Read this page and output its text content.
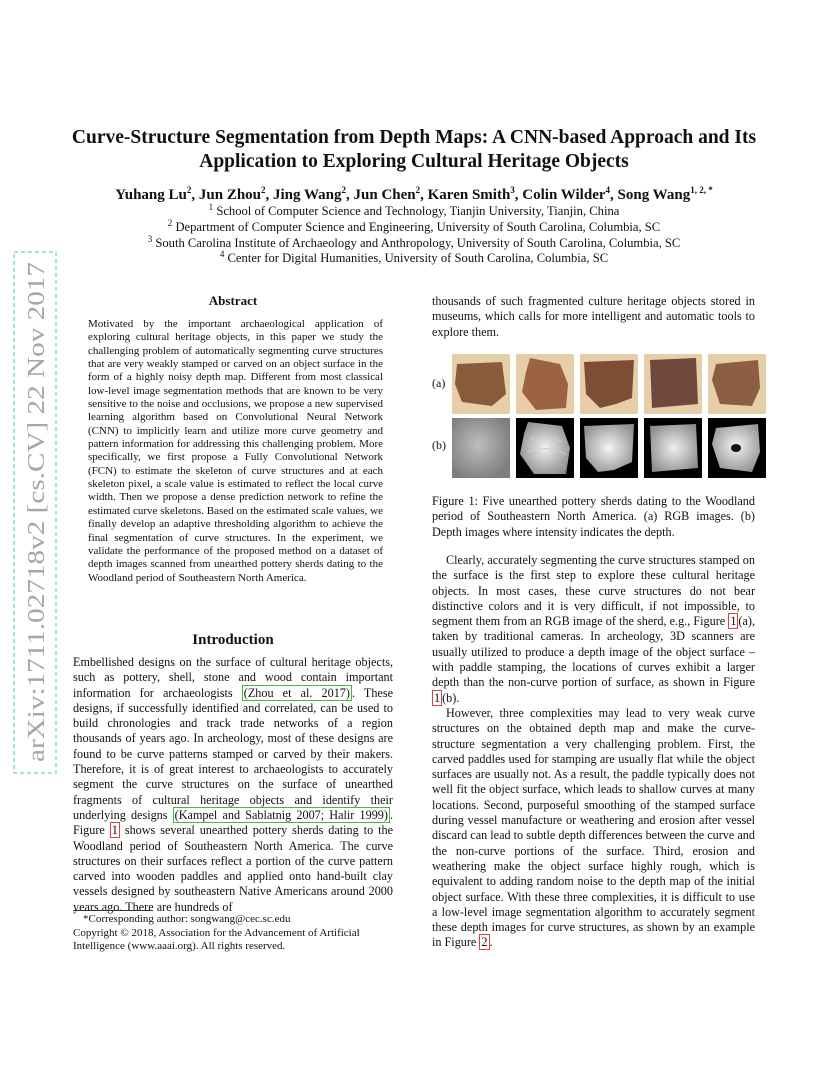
arXiv:1711.02718v2 [cs.CV] 22 Nov 2017
Curve-Structure Segmentation from Depth Maps: A CNN-based Approach and Its
Application to Exploring Cultural Heritage Objects
Yuhang Lu$^2$, Jun Zhou$^2$, Jing Wang$^2$, Jun Chen$^2$, Karen Smith$^3$, Colin Wilder$^4$, Song Wang$^{1, 2, *}$
$^1$ School of Computer Science and Technology, Tianjin University, Tianjin, China
$^2$ Department of Computer Science and Engineering, University of South Carolina, Columbia, SC
$^3$ South Carolina Institute of Archaeology and Anthropology, University of South Carolina, Columbia, SC
$^4$ Center for Digital Humanities, University of South Carolina, Columbia, SC
Abstract
Motivated by the important archaeological application of exploring cultural heritage objects, in this paper we study the challenging problem of automatically segmenting curve structures that are very weakly stamped or carved on an object surface in the form of a highly noisy depth map. Different from most classical low-level image segmentation methods that are known to be very sensitive to the noise and occlusions, we propose a new supervised learning algorithm based on Convolutional Neural Network (CNN) to implicitly learn and utilize more curve geometry and pattern information for addressing this challenging problem. More specifically, we first propose a Fully Convolutional Network (FCN) to estimate the skeleton of curve structures and at each skeleton pixel, a scale value is estimated to reflect the local curve width. Then we propose a dense prediction network to refine the estimated curve skeletons. Based on the estimated scale values, we finally develop an adaptive thresholding algorithm to achieve the final segmentation of curve structures. In the experiment, we validate the performance of the proposed method on a dataset of depth images scanned from unearthed pottery sherds dating to the Woodland period of Southeastern North America.
Introduction

Embellished designs on the surface of cultural heritage objects, such as pottery, shell, stone and wood contain important information for archaeologists (Zhou et al. 2017) . These designs, if successfully identified and correlated, can be used to build chronologies and track trade networks of a region thousands of years ago. In archeology, most of these designs are found to be curve patterns stamped or carved by their makers. Therefore, it is of great interest to archaeologists to accurately segment the curve structures on the surface of unearthed fragments of cultural heritage objects and identify their underlying designs (Kampel and Sablatnig 2007; Halir 1999) . Figure 1 shows several unearthed pottery sherds dating to the Woodland period of Southeastern North America. The curve structures on their surfaces reflect a portion of the curve pattern carved into wooden paddles and applied onto hand-built clay vessels designed by southeastern Native Americans around 2000 years ago. There are hundreds of

*Corresponding author: songwang@cec.sc.edu
Copyright © 2018, Association for the Advancement of Artificial Intelligence (www.aaai.org). All rights reserved.

thousands of such fragmented culture heritage objects stored in museums, which calls for more intelligent and automatic tools to explore them.

(a)
(b)
Figure 1: Five unearthed pottery sherds dating to the Woodland period of Southeastern North America. (a) RGB images. (b) Depth images where intensity indicates the depth.

Clearly, accurately segmenting the curve structures stamped on the surface is the first step to explore these cultural heritage objects. In most cases, these curve structures do not bear distinctive colors and it is very difficult, if not impossible, to segment them from an RGB image of the sherd, e.g., Figure 1 (a), taken by traditional cameras. In archeology, 3D scanners are usually utilized to produce a depth image of the object surface – with paddle stamping, the locations of curves exhibit a larger depth than the non-curve portion of surface, as shown in Figure 1 (b).

However, three complexities may lead to very weak curve structures on the obtained depth map and make the curve-structure segmentation a very challenging problem. First, the carved paddles used for stamping are usually flat while the object surfaces are usually not. As a result, the paddle typically does not well fit the object surface, which leads to shallow curves at many locations. Second, purposeful smoothing of the stamped surface during vessel manufacture or weathering and erosion after vessel discard can lead to subtle depth differences between the curve and the non-curve portions of the surface. Third, erosion and weathering make the object surface highly rough, which is equivalent to adding random noise to the depth map of the initial object surface. With these three complexities, it is difficult to use a low-level image segmentation algorithm to accurately segment these depth images for curve structures, as shown by an example in Figure 2 .
